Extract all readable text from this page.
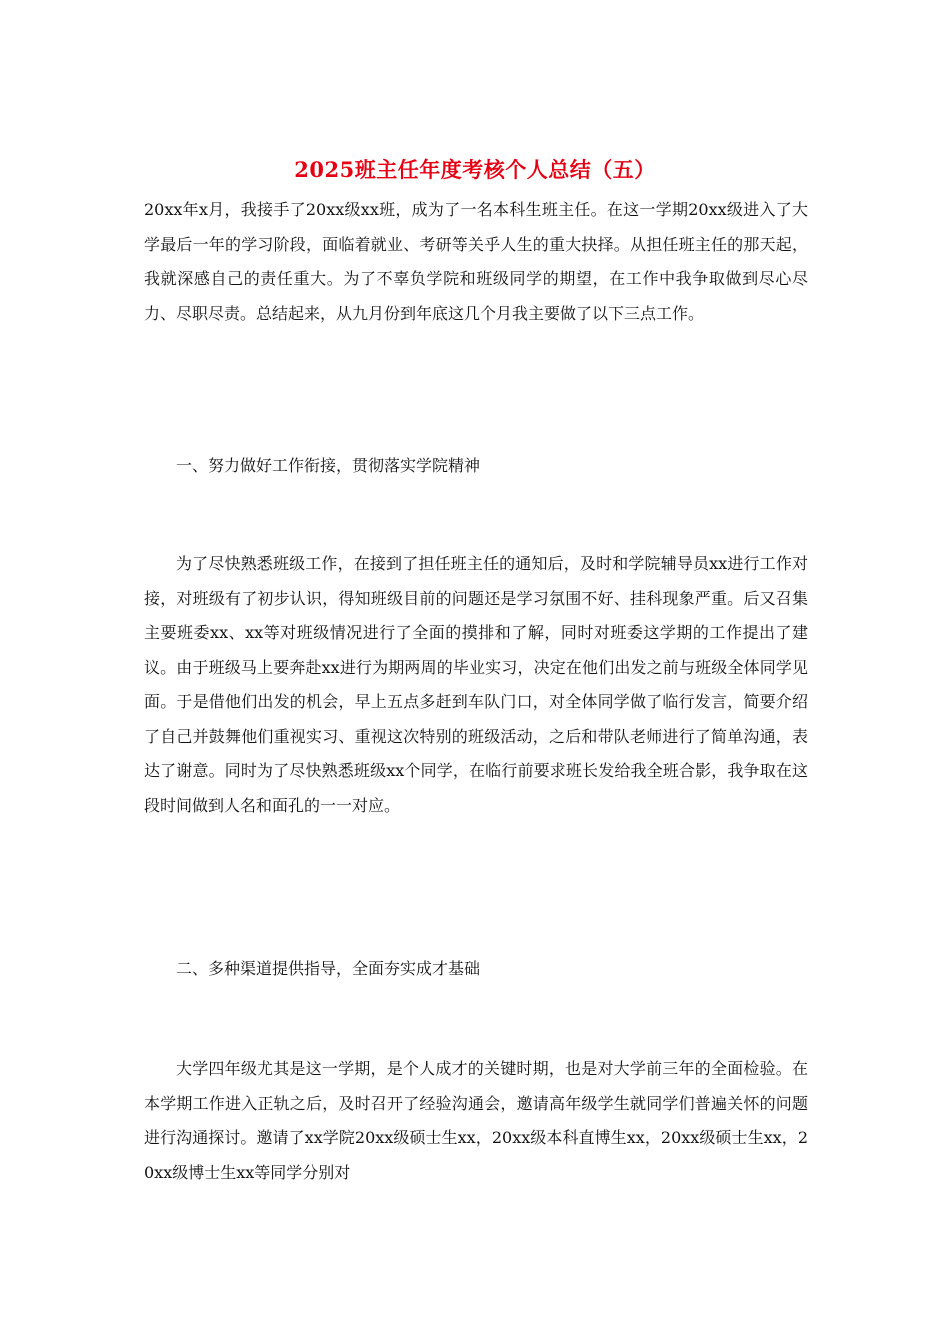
2025班主任年度考核个人总结（五）
20xx年x月，我接手了20xx级xx班，成为了一名本科生班主任。在这一学期20xx级进入了大学最后一年的学习阶段，面临着就业、考研等关乎人生的重大抉择。从担任班主任的那天起，我就深感自己的责任重大。为了不辜负学院和班级同学的期望，在工作中我争取做到尽心尽力、尽职尽责。总结起来，从九月份到年底这几个月我主要做了以下三点工作。
一、努力做好工作衔接，贯彻落实学院精神
为了尽快熟悉班级工作，在接到了担任班主任的通知后，及时和学院辅导员xx进行工作对接，对班级有了初步认识，得知班级目前的问题还是学习氛围不好、挂科现象严重。后又召集主要班委xx、xx等对班级情况进行了全面的摸排和了解，同时对班委这学期的工作提出了建议。由于班级马上要奔赴xx进行为期两周的毕业实习，决定在他们出发之前与班级全体同学见面。于是借他们出发的机会，早上五点多赶到车队门口，对全体同学做了临行发言，简要介绍了自己并鼓舞他们重视实习、重视这次特别的班级活动，之后和带队老师进行了简单沟通，表达了谢意。同时为了尽快熟悉班级xx个同学，在临行前要求班长发给我全班合影，我争取在这段时间做到人名和面孔的一一对应。
二、多种渠道提供指导，全面夯实成才基础
大学四年级尤其是这一学期，是个人成才的关键时期，也是对大学前三年的全面检验。在本学期工作进入正轨之后，及时召开了经验沟通会，邀请高年级学生就同学们普遍关怀的问题进行沟通探讨。邀请了xx学院20xx级硕士生xx，20xx级本科直博生xx，20xx级硕士生xx，20xx级博士生xx等同学分别对
